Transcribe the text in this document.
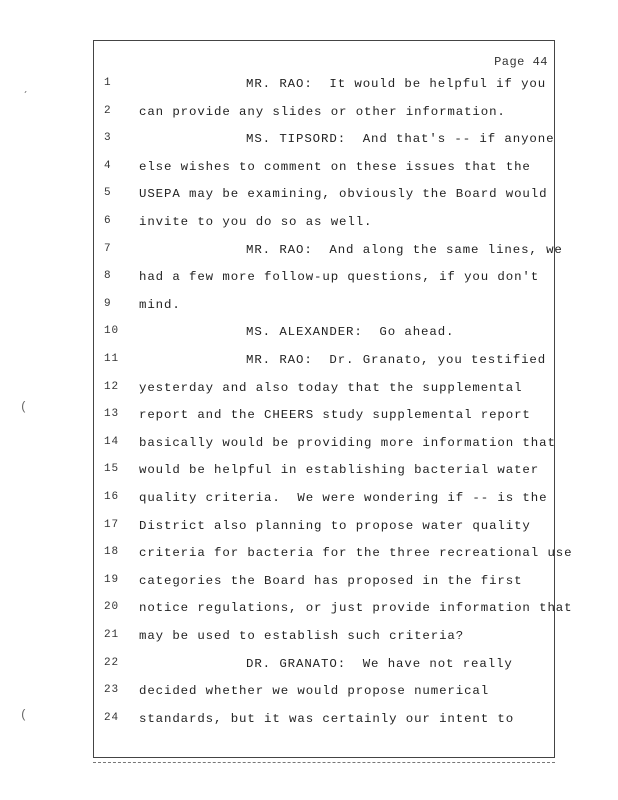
Page 44
1	MR. RAO:  It would be helpful if you
2	can provide any slides or other information.
3	MS. TIPSORD:  And that's -- if anyone
4	else wishes to comment on these issues that the
5	USEPA may be examining, obviously the Board would
6	invite to you do so as well.
7	MR. RAO:  And along the same lines, we
8	had a few more follow-up questions, if you don't
9	mind.
10	MS. ALEXANDER:  Go ahead.
11	MR. RAO:  Dr. Granato, you testified
12 yesterday and also today that the supplemental
13 report and the CHEERS study supplemental report
14 basically would be providing more information that
15 would be helpful in establishing bacterial water
16 quality criteria.  We were wondering if -- is the
17 District also planning to propose water quality
18 criteria for bacteria for the three recreational use
19 categories the Board has proposed in the first
20 notice regulations, or just provide information that
21 may be used to establish such criteria?
22	DR. GRANATO:  We have not really
23 decided whether we would propose numerical
24 standards, but it was certainly our intent to
ˊ
(
(
